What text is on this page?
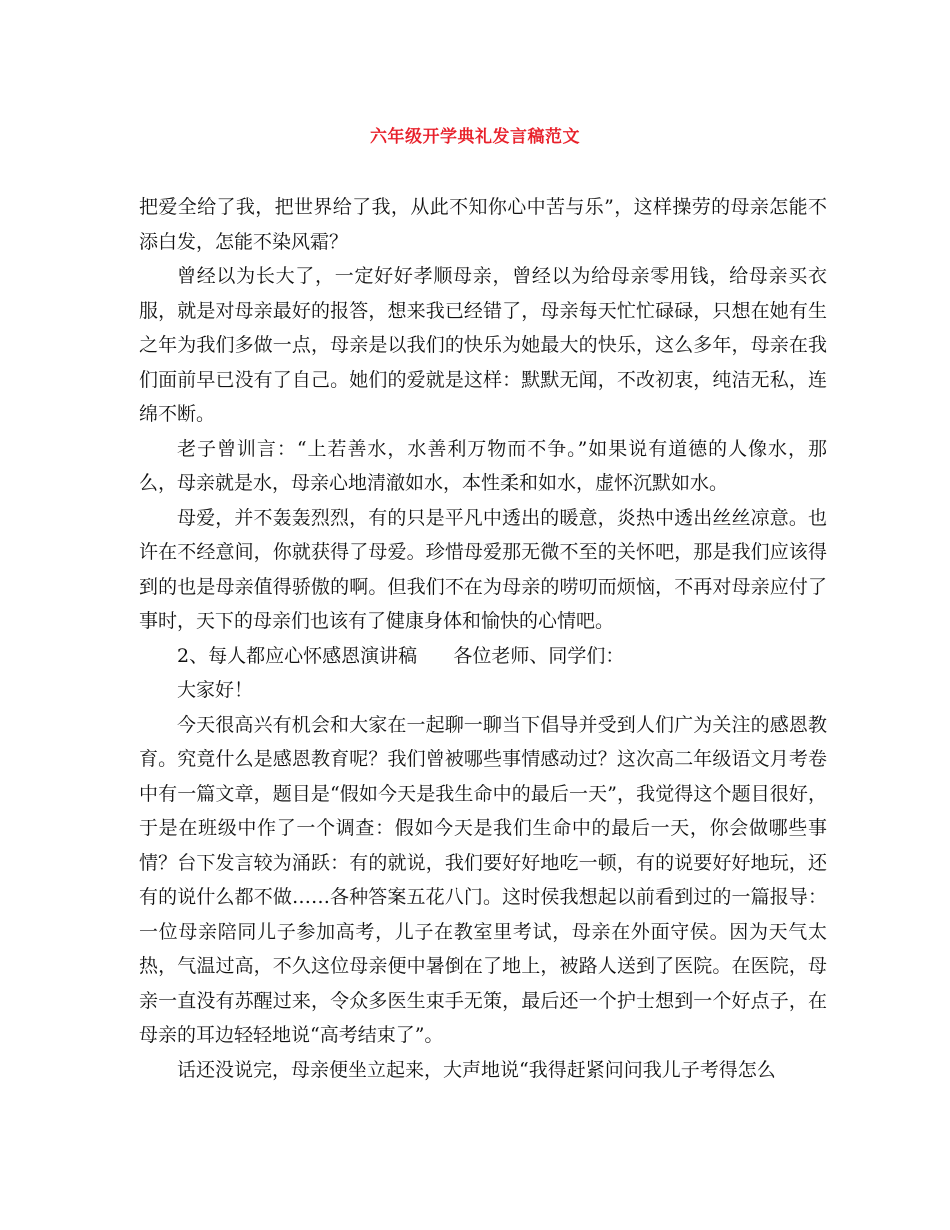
六年级开学典礼发言稿范文

把爱全给了我，把世界给了我，从此不知你心中苦与乐”，这样操劳的母亲怎能不添白发，怎能不染风霜？

曾经以为长大了，一定好好孝顺母亲，曾经以为给母亲零用钱，给母亲买衣服，就是对母亲最好的报答，想来我已经错了，母亲每天忙忙碌碌，只想在她有生之年为我们多做一点，母亲是以我们的快乐为她最大的快乐，这么多年，母亲在我们面前早已没有了自己。她们的爱就是这样：默默无闻，不改初衷，纯洁无私，连绵不断。

老子曾训言：“上若善水，水善利万物而不争。”如果说有道德的人像水，那么，母亲就是水，母亲心地清澈如水，本性柔和如水，虚怀沉默如水。

母爱，并不轰轰烈烈，有的只是平凡中透出的暖意，炎热中透出丝丝凉意。也许在不经意间，你就获得了母爱。珍惜母爱那无微不至的关怀吧，那是我们应该得到的也是母亲值得骄傲的啊。但我们不在为母亲的唠叨而烦恼，不再对母亲应付了事时，天下的母亲们也该有了健康身体和愉快的心情吧。

2、每人都应心怀感恩演讲稿      各位老师、同学们：

大家好！

今天很高兴有机会和大家在一起聊一聊当下倡导并受到人们广为关注的感恩教育。究竟什么是感恩教育呢？我们曾被哪些事情感动过？这次高二年级语文月考卷中有一篇文章，题目是“假如今天是我生命中的最后一天”，我觉得这个题目很好，于是在班级中作了一个调查：假如今天是我们生命中的最后一天，你会做哪些事情？台下发言较为涌跃：有的就说，我们要好好地吃一顿，有的说要好好地玩，还有的说什么都不做……各种答案五花八门。这时侯我想起以前看到过的一篇报导：一位母亲陪同儿子参加高考，儿子在教室里考试，母亲在外面守侯。因为天气太热，气温过高，不久这位母亲便中暑倒在了地上，被路人送到了医院。在医院，母亲一直没有苏醒过来，令众多医生束手无策，最后还一个护士想到一个好点子，在母亲的耳边轻轻地说“高考结束了”。

话还没说完，母亲便坐立起来，大声地说“我得赶紧问问我儿子考得怎么
